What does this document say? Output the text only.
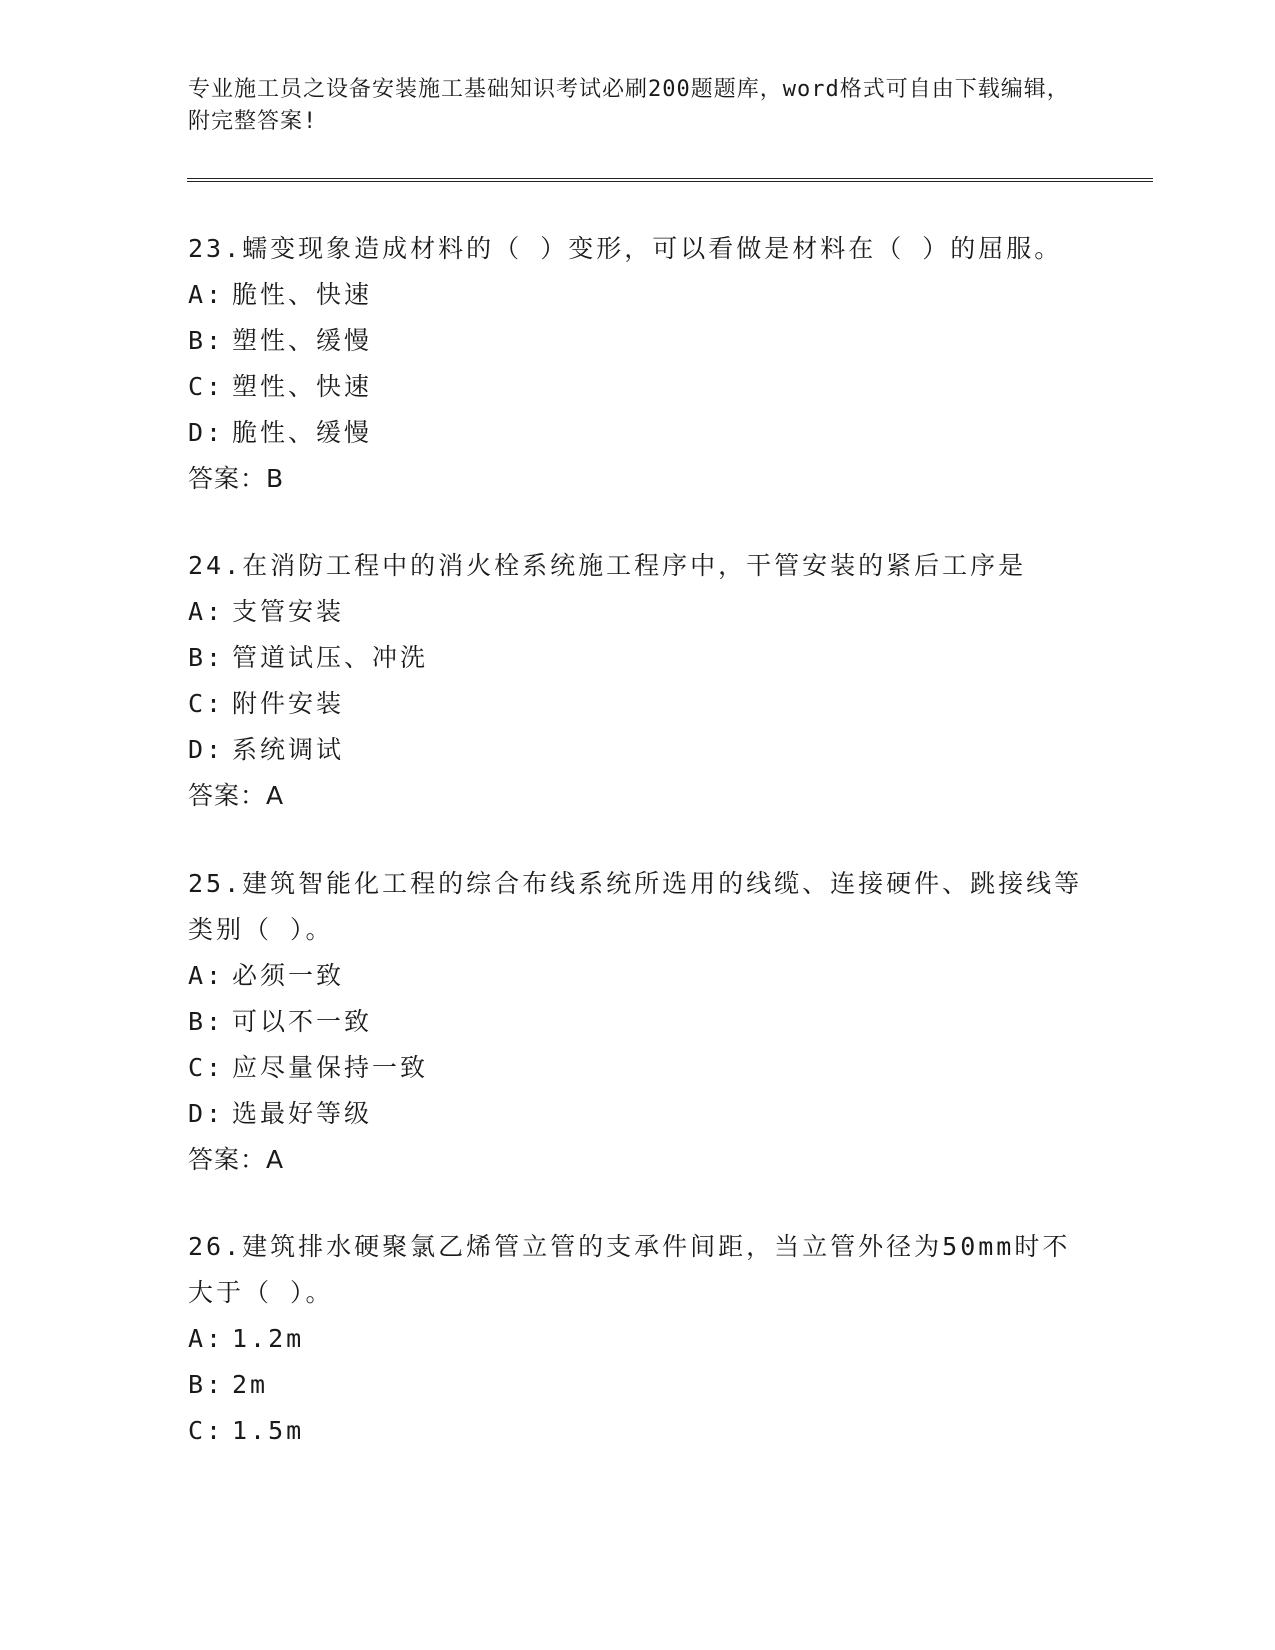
专业施工员之设备安装施工基础知识考试必刷200题题库，word格式可自由下载编辑，附完整答案!
23.蠕变现象造成材料的（ ）变形，可以看做是材料在（ ）的屈服。
A: 脆性、快速
B: 塑性、缓慢
C: 塑性、快速
D: 脆性、缓慢
答案：B
24.在消防工程中的消火栓系统施工程序中，干管安装的紧后工序是
A: 支管安装
B: 管道试压、冲洗
C: 附件安装
D: 系统调试
答案：A
25.建筑智能化工程的综合布线系统所选用的线缆、连接硬件、跳接线等类别（ ）。
A: 必须一致
B: 可以不一致
C: 应尽量保持一致
D: 选最好等级
答案：A
26.建筑排水硬聚氯乙烯管立管的支承件间距，当立管外径为50mm时不大于（ ）。
A: 1.2m
B: 2m
C: 1.5m
